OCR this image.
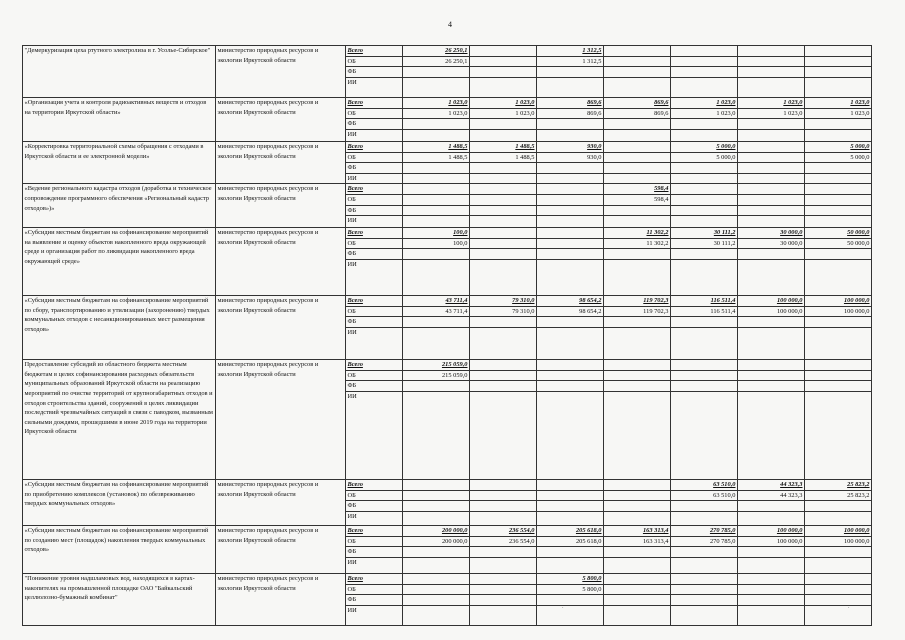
4
"Демеркуризация цеха ртутного электролиза в г. Усолье-Сибирское"	министерство природных ресурсов и экологии Иркутской области	Всего	26 250,1		1 312,5				
		ОБ	26 250,1		1 312,5				
		ФБ							
		ИИ							
«Организация учета и контроля радиоактивных веществ и отходов на территории Иркутской области»	министерство природных ресурсов и экологии Иркутской области	Всего	1 023,0	1 023,0	869,6	869,6	1 023,0	1 023,0	1 023,0
		ОБ	1 023,0	1 023,0	869,6	869,6	1 023,0	1 023,0	1 023,0
		ФБ							
		ИИ							
«Корректировка территориальной схемы обращения с отходами в Иркутской области и ее электронной модели»	министерство природных ресурсов и экологии Иркутской области	Всего	1 488,5	1 488,5	930,0		5 000,0		5 000,0
		ОБ	1 488,5	1 488,5	930,0		5 000,0		5 000,0
		ФБ							
		ИИ							
«Ведение регионального кадастра отходов (доработка и техническое сопровождение программного обеспечения «Региональный кадастр отходов»)»	министерство природных ресурсов и экологии Иркутской области	Всего				598,4			
		ОБ				598,4			
		ФБ							
		ИИ							
«Субсидии местным бюджетам на софинансирование мероприятий на выявление и оценку объектов накопленного вреда окружающей среде и организация работ по ликвидации накопленного вреда окружающей среде»	министерство природных ресурсов и экологии Иркутской области	Всего	100,0			11 302,2	30 111,2	30 000,0	50 000,0
		ОБ	100,0			11 302,2	30 111,2	30 000,0	50 000,0
		ФБ							
		ИИ							
«Субсидии местным бюджетам на софинансирование мероприятий по сбору, транспортированию и утилизации (захоронению) твердых коммунальных отходов с несанкционированных мест размещения отходов»	министерство природных ресурсов и экологии Иркутской области	Всего	43 711,4	79 310,0	98 654,2	119 702,3	116 511,4	100 000,0	100 000,0
		ОБ	43 711,4	79 310,0	98 654,2	119 702,3	116 511,4	100 000,0	100 000,0
		ФБ							
		ИИ							
Предоставление субсидий из областного бюджета местным бюджетам в целях софинансирования расходных обязательств муниципальных образований Иркутской области на реализацию мероприятий по очистке территорий от крупногабаритных отходов и отходов строительства зданий, сооружений в целях ликвидации последствий чрезвычайных ситуаций в связи с паводком, вызванным сильными дождями, прошедшими в июне 2019 года на территории Иркутской области	министерство природных ресурсов и экологии Иркутской области	Всего	215 059,0						
		ОБ	215 059,0						
		ФБ							
		ИИ							
«Субсидии местным бюджетам на софинансирование мероприятий по приобретению комплексов (установок) по обезвреживанию твердых коммунальных отходов»	министерство природных ресурсов и экологии Иркутской области	Всего					63 510,0	44 323,3	25 823,2
		ОБ					63 510,0	44 323,3	25 823,2
		ФБ							
		ИИ							
«Субсидии местным бюджетам на софинансирование мероприятий по созданию мест (площадок) накопления твердых коммунальных отходов»	министерство природных ресурсов и экологии Иркутской области	Всего	200 000,0	236 554,0	205 618,0	163 313,4	270 785,0	100 000,0	100 000,0
		ОБ	200 000,0	236 554,0	205 618,0	163 313,4	270 785,0	100 000,0	100 000,0
		ФБ							
		ИИ							
"Понижение уровня надшламовых вод, находящихся в картах-накопителях на промышленной площадке ОАО "Байкальский целлюлозно-бумажный комбинат"	министерство природных ресурсов и экологии Иркутской области	Всего			5 800,0				
		ОБ			5 800,0				
		ФБ							
		ИИ								.	.
